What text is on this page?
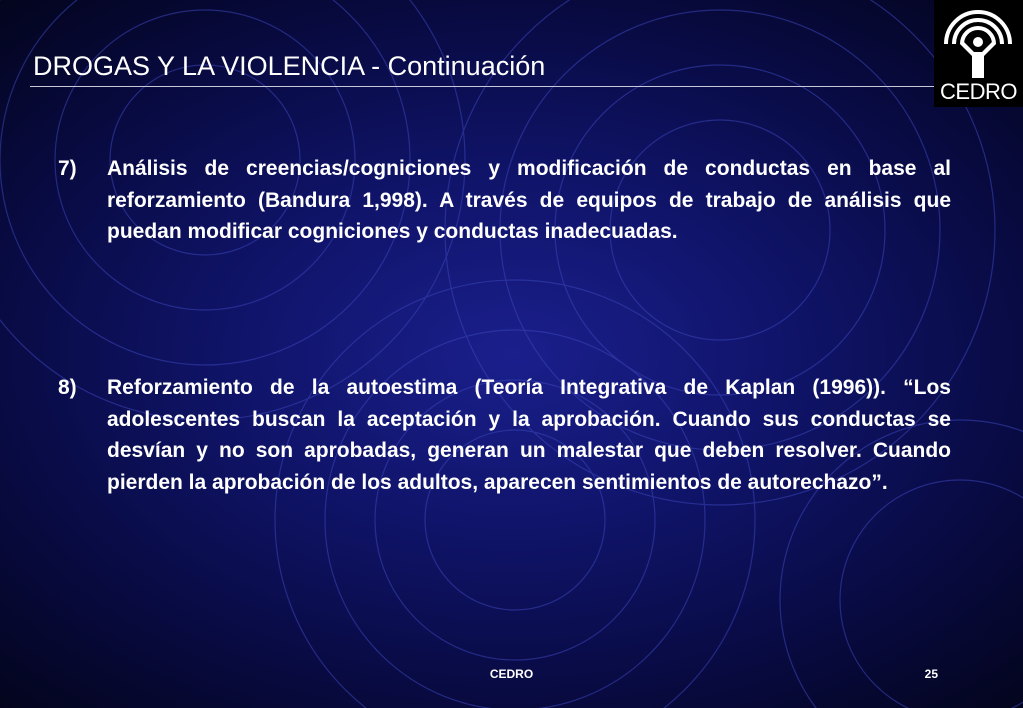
DROGAS Y LA VIOLENCIA - Continuación
CEDRO
7)	Análisis de creencias/cogniciones y modificación de conductas en base al reforzamiento (Bandura 1,998). A través de equipos de trabajo de análisis que puedan modificar cogniciones y conductas inadecuadas.
8)	Reforzamiento de la autoestima (Teoría Integrativa de Kaplan (1996)). “Los adolescentes buscan la aceptación y la aprobación. Cuando sus conductas se desvían y no son aprobadas, generan un malestar que deben resolver. Cuando pierden la aprobación de los adultos, aparecen sentimientos de autorechazo”.
CEDRO	25
